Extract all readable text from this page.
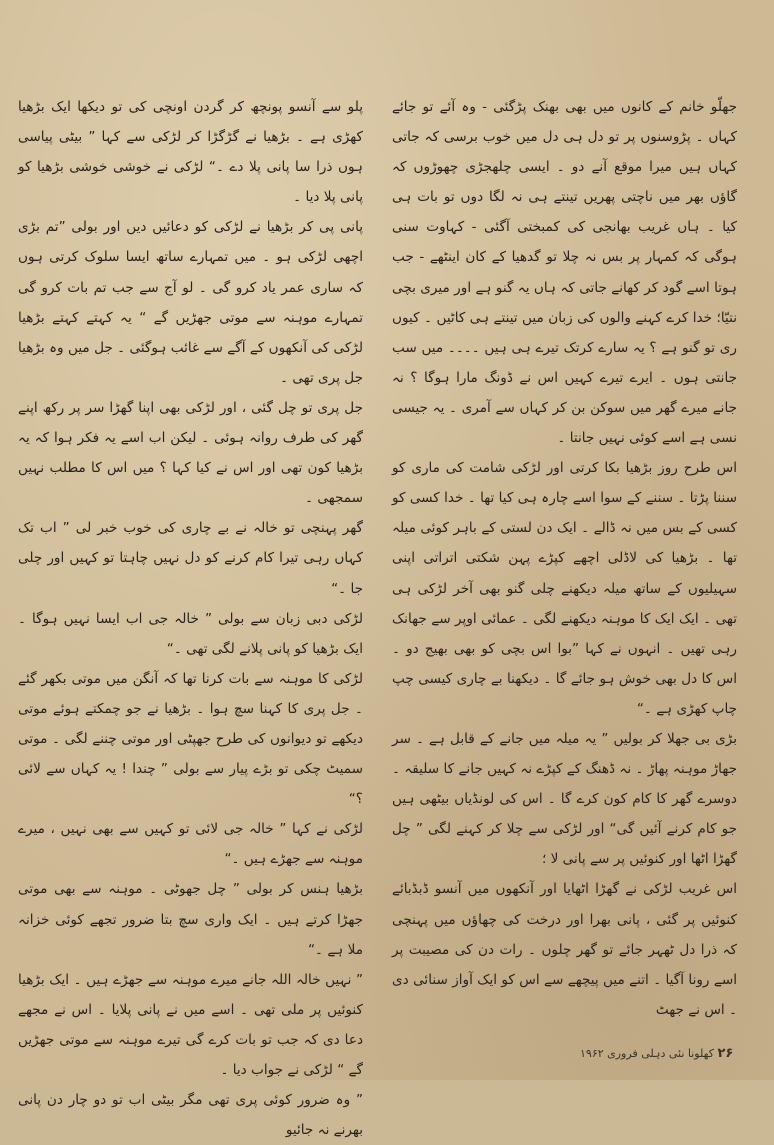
جھلّو خانم کے کانوں میں بھی بھنک پڑگئی - وہ آئے تو جائے کہاں ۔ پڑوسنوں پر تو دل ہی دل میں خوب برسی کہ جاتی کہاں ہیں میرا موقع آنے دو ۔ ایسی چلھجڑی چھوڑوں کہ گاؤں بھر میں ناچتی پھریں تینتے ہی نہ لگا دوں تو بات ہی کیا ۔ ہاں غریب بھانجی کی کمبختی آگئی - کہاوت سنی ہوگی کہ کمہار پر بس نہ چلا تو گدھیا کے کان اینٹھے - جب ہوتا اسے گود کر کھانے جاتی کہ ہاں یہ گنو ہے اور میری بچی نتیّا؛ خدا کرے کہنے والوں کی زبان میں تینتے ہی کاٹیں ۔ کیوں ری تو گنو ہے ؟ یہ سارے کرتک تیرے ہی ہیں ۔۔۔۔ میں سب جانتی ہوں ۔ ایرے تیرے کہیں اس نے ڈونگ مارا ہوگا ؟ نہ جانے میرے گھر میں سوکن بن کر کہاں سے آمری ۔ یہ جیسی نسی ہے اسے کوئی نہیں جانتا ۔

اس طرح روز بڑھیا بکا کرتی اور لڑکی شامت کی ماری کو سننا پڑتا ۔ سننے کے سوا اسے چارہ ہی کیا تھا ۔ خدا کسی کو کسی کے بس میں نہ ڈالے ۔ ایک دن لستی کے باہر کوئی میلہ تھا ۔ بڑھیا کی لاڈلی اچھے کپڑے پہن شکتی اتراتی اپنی سہیلیوں کے ساتھ میلہ دیکھنے چلی گنو بھی آخر لڑکی ہی تھی ۔ ایک ایک کا موہنہ دیکھنے لگی ۔ عمائی اوپر سے جھانک رہی تھیں ۔ انہوں نے کہا ”بوا اس بچی کو بھی بھیج دو ۔ اس کا دل بھی خوش ہو جائے گا ۔ دیکھنا بے چاری کیسی چپ چاپ کھڑی ہے ۔“

بڑی بی جھلا کر بولیں ” یہ میلہ میں جانے کے قابل ہے ۔ سر جھاڑ موہنہ پھاڑ ۔ نہ ڈھنگ کے کپڑے نہ کہیں جانے کا سلیقہ ۔ دوسرے گھر کا کام کون کرے گا ۔ اس کی لونڈیاں بیٹھی ہیں جو کام کرنے آئیں گی“ اور لڑکی سے چلا کر کہنے لگی ” چل گھڑا اٹھا اور کنوئیں پر سے پانی لا ؛

اس غریب لڑکی نے گھڑا اٹھایا اور آنکھوں میں آنسو ڈبڈبائے کنوئیں پر گئی ، پانی بھرا اور درخت کی چھاؤں میں پہنچی کہ ذرا دل ٹھہر جائے تو گھر چلوں ۔ رات دن کی مصیبت پر اسے رونا آگیا ۔ اتنے میں پیچھے سے اس کو ایک آواز سنائی دی ۔ اس نے جھٹ

پلو سے آنسو پونچھ کر گردن اونچی کی تو دیکھا ایک بڑھیا کھڑی ہے ۔ بڑھیا نے گڑگڑا کر لڑکی سے کہا ” بیٹی پیاسی ہوں ذرا سا پانی پلا دے ۔“ لڑکی نے خوشی خوشی بڑھیا کو پانی پلا دیا ۔

پانی پی کر بڑھیا نے لڑکی کو دعائیں دیں اور بولی ”تم بڑی اچھی لڑکی ہو ۔ میں تمہارے ساتھ ایسا سلوک کرتی ہوں کہ ساری عمر یاد کرو گی ۔ لو آج سے جب تم بات کرو گی تمہارے موہنہ سے موتی جھڑیں گے “ یہ کہتے کہتے بڑھیا لڑکی کی آنکھوں کے آگے سے غائب ہوگئی ۔ جل میں وہ بڑھیا جل پری تھی ۔

جل پری تو چل گئی ، اور لڑکی بھی اپنا گھڑا سر پر رکھ اپنے گھر کی طرف روانہ ہوئی ۔ لیکن اب اسے یہ فکر ہوا کہ یہ بڑھیا کون تھی اور اس نے کیا کہا ؟ میں اس کا مطلب نہیں سمجھی ۔

گھر پہنچی تو خالہ نے بے چاری کی خوب خبر لی ” اب تک کہاں رہی تیرا کام کرنے کو دل نہیں چاہتا تو کہیں اور چلی جا ۔“

لڑکی دبی زبان سے بولی ” خالہ جی اب ایسا نہیں ہوگا ۔ ایک بڑھیا کو پانی پلانے لگی تھی ۔“

لڑکی کا موہنہ سے بات کرنا تھا کہ آنگن میں موتی بکھر گئے ۔ جل پری کا کہنا سچ ہوا ۔ بڑھیا نے جو چمکتے ہوئے موتی دیکھے تو دیوانوں کی طرح جھپٹی اور موتی چننے لگی ۔ موتی سمیٹ چکی تو بڑے پیار سے بولی ” چندا ! یہ کہاں سے لائی ؟“

لڑکی نے کہا ” خالہ جی لائی تو کہیں سے بھی نہیں ، میرے موہنہ سے جھڑے ہیں ۔“

بڑھیا ہنس کر بولی ” چل جھوٹی ۔ موہنہ سے بھی موتی جھڑا کرتے ہیں ۔ ایک واری سچ بتا ضرور تجھے کوئی خزانہ ملا ہے ۔“

” نہیں خالہ اللہ جانے میرے موہنہ سے جھڑے ہیں ۔ ایک بڑھیا کنوئیں پر ملی تھی ۔ اسے میں نے پانی پلایا ۔ اس نے مجھے دعا دی کہ جب تو بات کرے گی تیرے موہنہ سے موتی جھڑیں گے “ لڑکی نے جواب دیا ۔

” وہ ضرور کوئی پری تھی مگر بیٹی اب تو دو چار دن پانی بھرنے نہ جائیو

۲۶ کھلونا نئی دہلی فروری ۱۹۶۲
